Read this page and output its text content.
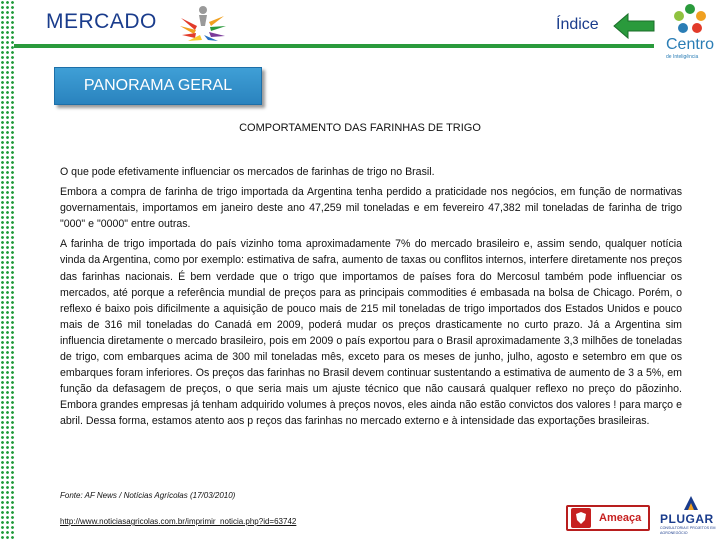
MERCADO	Índice
Centro
de Inteligência
PANORAMA GERAL
COMPORTAMENTO DAS FARINHAS DE TRIGO

O que pode efetivamente influenciar os mercados de farinhas de trigo no Brasil.

Embora a compra de farinha de trigo importada da Argentina tenha perdido a praticidade nos negócios, em função de normativas governamentais, importamos em janeiro deste ano 47,259 mil toneladas e em fevereiro 47,382 mil toneladas de farinha de trigo "000" e "0000" entre outras.

A farinha de trigo importada do país vizinho toma aproximadamente 7% do mercado brasileiro e, assim sendo, qualquer notícia vinda da Argentina, como por exemplo: estimativa de safra, aumento de taxas ou conflitos internos, interfere diretamente nos preços das farinhas nacionais. É bem verdade que o trigo que importamos de países fora do Mercosul também pode influenciar os mercados, até porque a referência mundial de preços para as principais commodities é embasada na bolsa de Chicago. Porém, o reflexo é baixo pois dificilmente a aquisição de pouco mais de 215 mil toneladas de trigo importados dos Estados Unidos e pouco mais de 316 mil toneladas do Canadá em 2009, poderá mudar os preços drasticamente no curto prazo. Já a Argentina sim influencia diretamente o mercado brasileiro, pois em 2009 o país exportou para o Brasil aproximadamente 3,3 milhões de toneladas de trigo, com embarques acima de 300 mil toneladas mês, exceto para os meses de junho, julho, agosto e setembro em que os embarques foram inferiores. Os preços das farinhas no Brasil devem continuar sustentando a estimativa de aumento de 3 a 5%, em função da defasagem de preços, o que seria mais um ajuste técnico que não causará qualquer reflexo no preço do pãozinho. Embora grandes empresas já tenham adquirido volumes à preços novos, eles ainda não estão convictos dos valores ! para março e abril. Dessa forma, estamos atento aos p reços das farinhas no mercado externo e à intensidade das exportações brasileiras.

Fonte: AF News / Notícias Agrícolas (17/03/2010)
http://www.noticiasagricolas.com.br/imprimir_noticia.php?id=63742	Ameaça PLUGAR
CONSULTORIA E PROJETOS EM AGRONEGÓCIO
